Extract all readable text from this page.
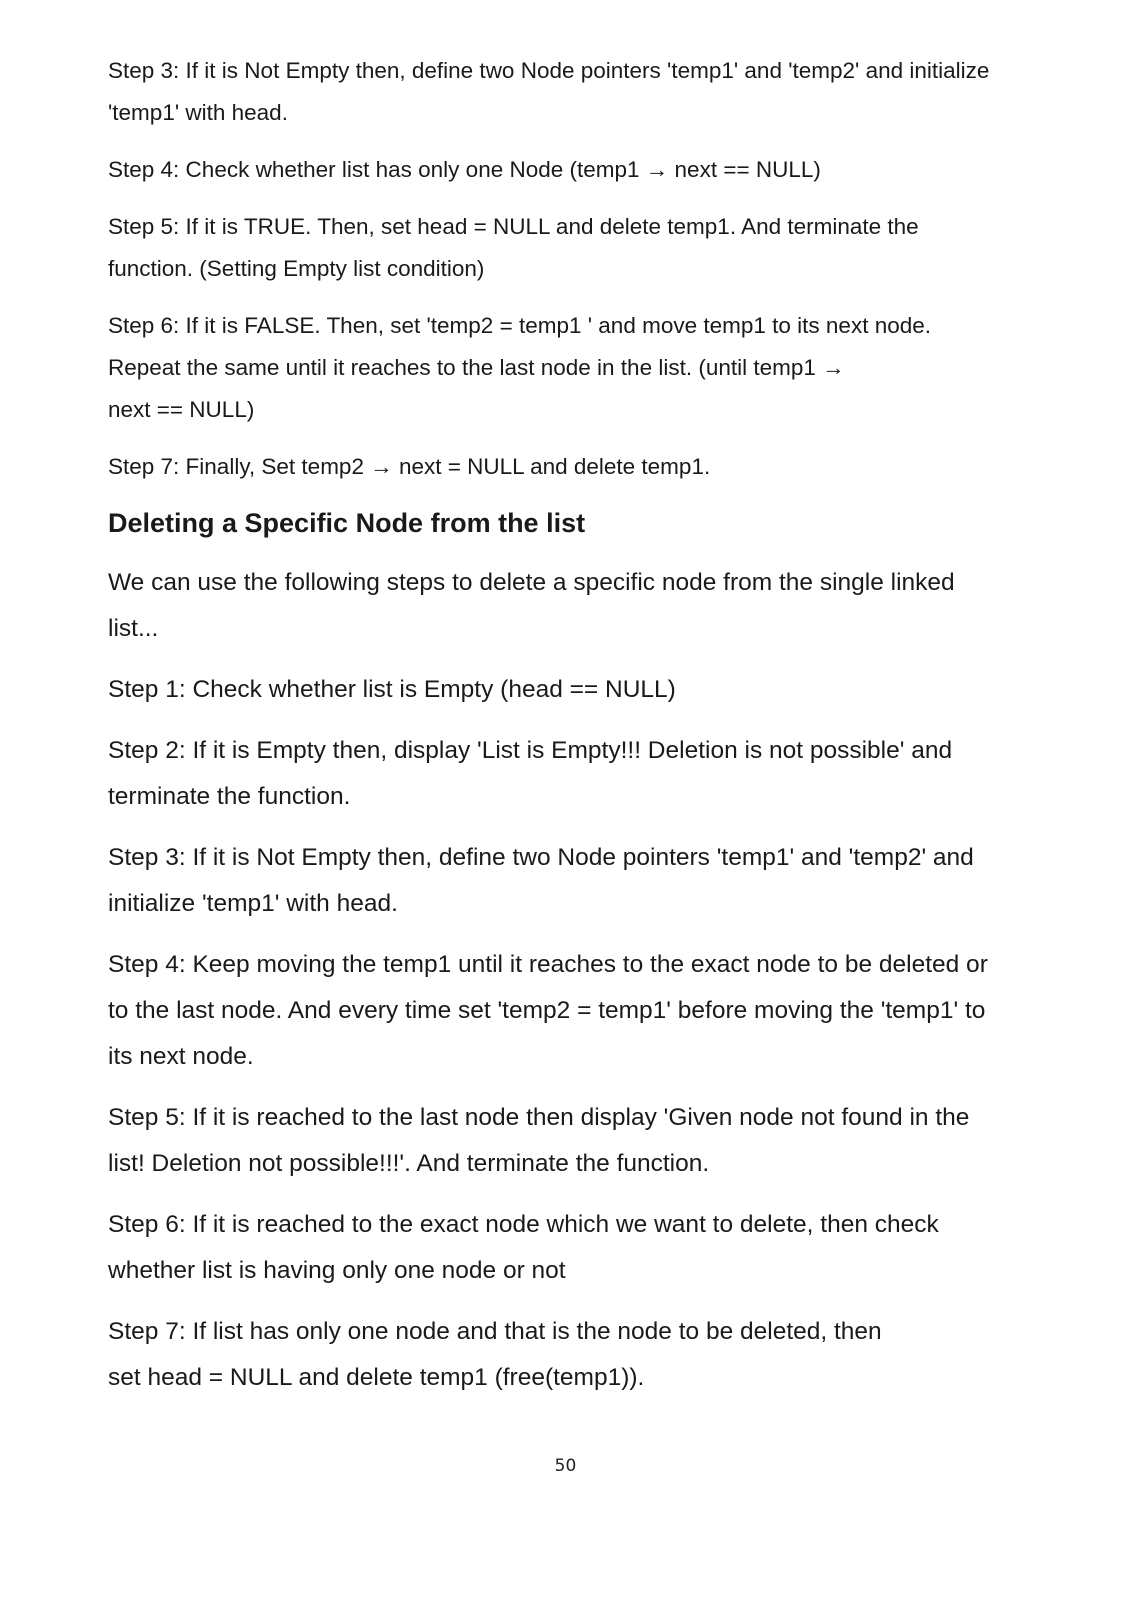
Step 3: If it is Not Empty then, define two Node pointers 'temp1' and 'temp2' and initialize
'temp1' with head.

Step 4: Check whether list has only one Node (temp1 → next == NULL)

Step 5: If it is TRUE. Then, set head = NULL and delete temp1. And terminate the
function. (Setting Empty list condition)

Step 6: If it is FALSE. Then, set 'temp2 = temp1 ' and move temp1 to its next node.
Repeat the same until it reaches to the last node in the list. (until temp1 →
next == NULL)

Step 7: Finally, Set temp2 → next = NULL and delete temp1.

Deleting a Specific Node from the list

We can use the following steps to delete a specific node from the single linked
list...

Step 1: Check whether list is Empty (head == NULL)

Step 2: If it is Empty then, display 'List is Empty!!! Deletion is not possible' and
terminate the function.

Step 3: If it is Not Empty then, define two Node pointers 'temp1' and 'temp2' and
initialize 'temp1' with head.

Step 4: Keep moving the temp1 until it reaches to the exact node to be deleted or
to the last node. And every time set 'temp2 = temp1' before moving the 'temp1' to
its next node.

Step 5: If it is reached to the last node then display 'Given node not found in the
list! Deletion not possible!!!'. And terminate the function.

Step 6: If it is reached to the exact node which we want to delete, then check
whether list is having only one node or not

Step 7: If list has only one node and that is the node to be deleted, then
set head = NULL and delete temp1 (free(temp1)).

50
